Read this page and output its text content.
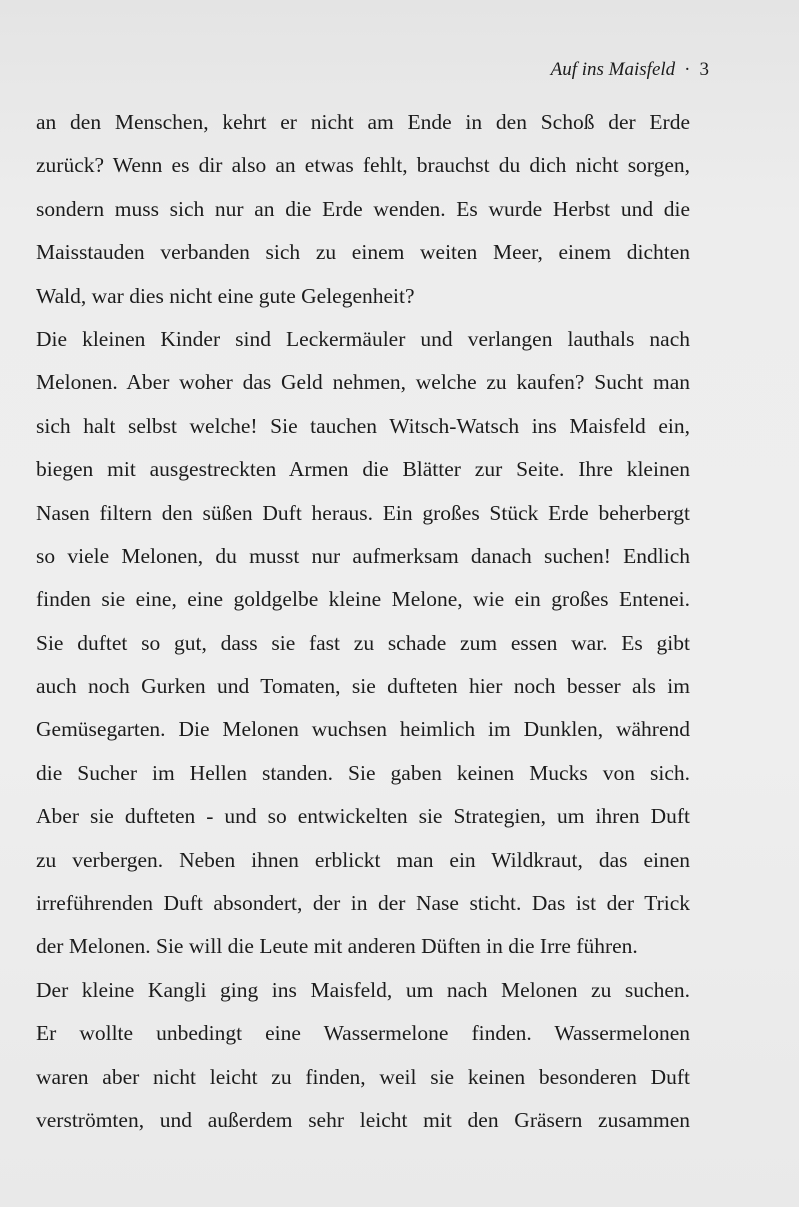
Auf ins Maisfeld · 3
an den Menschen, kehrt er nicht am Ende in den Schoß der Erde
zurück? Wenn es dir also an etwas fehlt, brauchst du dich nicht sorgen,
sondern muss sich nur an die Erde wenden. Es wurde Herbst und die
Maisstauden verbanden sich zu einem weiten Meer, einem dichten
Wald, war dies nicht eine gute Gelegenheit?
Die kleinen Kinder sind Leckermäuler und verlangen lauthals nach
Melonen. Aber woher das Geld nehmen, welche zu kaufen? Sucht man
sich halt selbst welche! Sie tauchen Witsch-Watsch ins Maisfeld ein,
biegen mit ausgestreckten Armen die Blätter zur Seite. Ihre kleinen
Nasen filtern den süßen Duft heraus. Ein großes Stück Erde beherbergt
so viele Melonen, du musst nur aufmerksam danach suchen! Endlich
finden sie eine, eine goldgelbe kleine Melone, wie ein großes Entenei.
Sie duftet so gut, dass sie fast zu schade zum essen war. Es gibt
auch noch Gurken und Tomaten, sie dufteten hier noch besser als im
Gemüsegarten. Die Melonen wuchsen heimlich im Dunklen, während
die Sucher im Hellen standen. Sie gaben keinen Mucks von sich.
Aber sie dufteten - und so entwickelten sie Strategien, um ihren Duft
zu verbergen. Neben ihnen erblickt man ein Wildkraut, das einen
irreführenden Duft absondert, der in der Nase sticht. Das ist der Trick
der Melonen. Sie will die Leute mit anderen Düften in die Irre führen.
Der kleine Kangli ging ins Maisfeld, um nach Melonen zu suchen.
Er wollte unbedingt eine Wassermelone finden. Wassermelonen
waren aber nicht leicht zu finden, weil sie keinen besonderen Duft
verströmten, und außerdem sehr leicht mit den Gräsern zusammen
